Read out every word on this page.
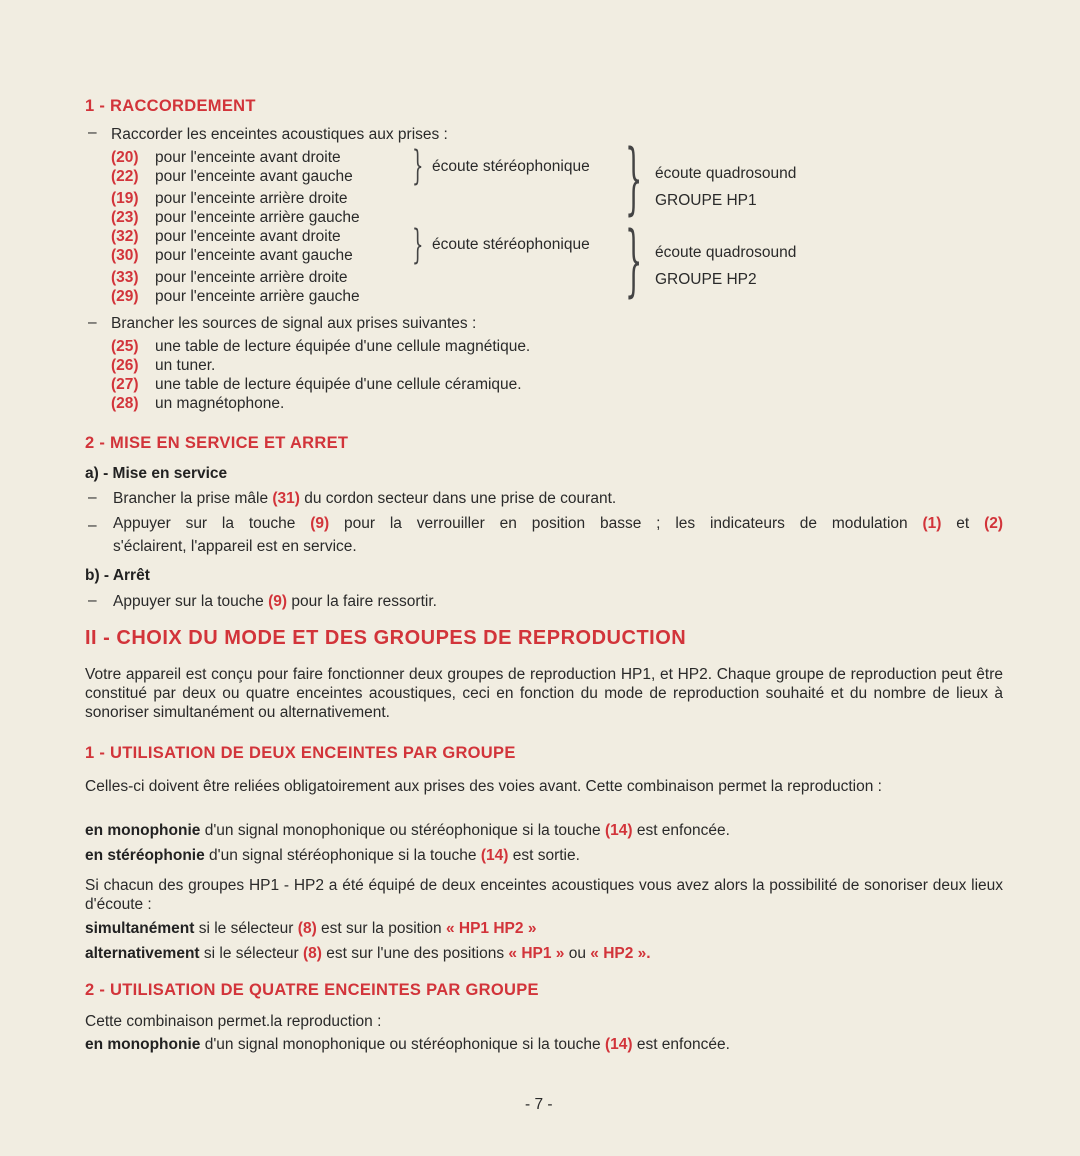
1 - RACCORDEMENT
– Raccorder les enceintes acoustiques aux prises :
(20) pour l'enceinte avant droite
(22) pour l'enceinte avant gauche
(19) pour l'enceinte arrière droite
(23) pour l'enceinte arrière gauche
(32) pour l'enceinte avant droite
(30) pour l'enceinte avant gauche
(33) pour l'enceinte arrière droite
(29) pour l'enceinte arrière gauche
}
}
écoute stéréophonique
écoute stéréophonique
}
}
écoute quadrosound
GROUPE HP1
écoute quadrosound
GROUPE HP2
– Brancher les sources de signal aux prises suivantes :
(25) une table de lecture équipée d'une cellule magnétique.
(26) un tuner.
(27) une table de lecture équipée d'une cellule céramique.
(28) un magnétophone.
2 - MISE EN SERVICE ET ARRET
a) - Mise en service
– Brancher la prise mâle (31) du cordon secteur dans une prise de courant.
– Appuyer sur la touche (9) pour la verrouiller en position basse ; les indicateurs de modulation (1) et (2)
s'éclairent, l'appareil est en service.
b) - Arrêt
– Appuyer sur la touche (9) pour la faire ressortir.
II - CHOIX DU MODE ET DES GROUPES DE REPRODUCTION
Votre appareil est conçu pour faire fonctionner deux groupes de reproduction HP1, et HP2. Chaque groupe de reproduction peut être constitué par deux ou quatre enceintes acoustiques, ceci en fonction du mode de reproduction souhaité et du nombre de lieux à sonoriser simultanément ou alternativement.
1 - UTILISATION DE DEUX ENCEINTES PAR GROUPE
Celles-ci doivent être reliées obligatoirement aux prises des voies avant. Cette combinaison permet la reproduction :
en monophonie d'un signal monophonique ou stéréophonique si la touche (14) est enfoncée.
en stéréophonie d'un signal stéréophonique si la touche (14) est sortie.
Si chacun des groupes HP1 - HP2 a été équipé de deux enceintes acoustiques vous avez alors la possibilité de sonoriser deux lieux d'écoute :
simultanément si le sélecteur (8) est sur la position « HP1 HP2 »
alternativement si le sélecteur (8) est sur l'une des positions « HP1 » ou « HP2 ».
2 - UTILISATION DE QUATRE ENCEINTES PAR GROUPE
Cette combinaison permet.la reproduction :
en monophonie d'un signal monophonique ou stéréophonique si la touche (14) est enfoncée.
- 7 -
